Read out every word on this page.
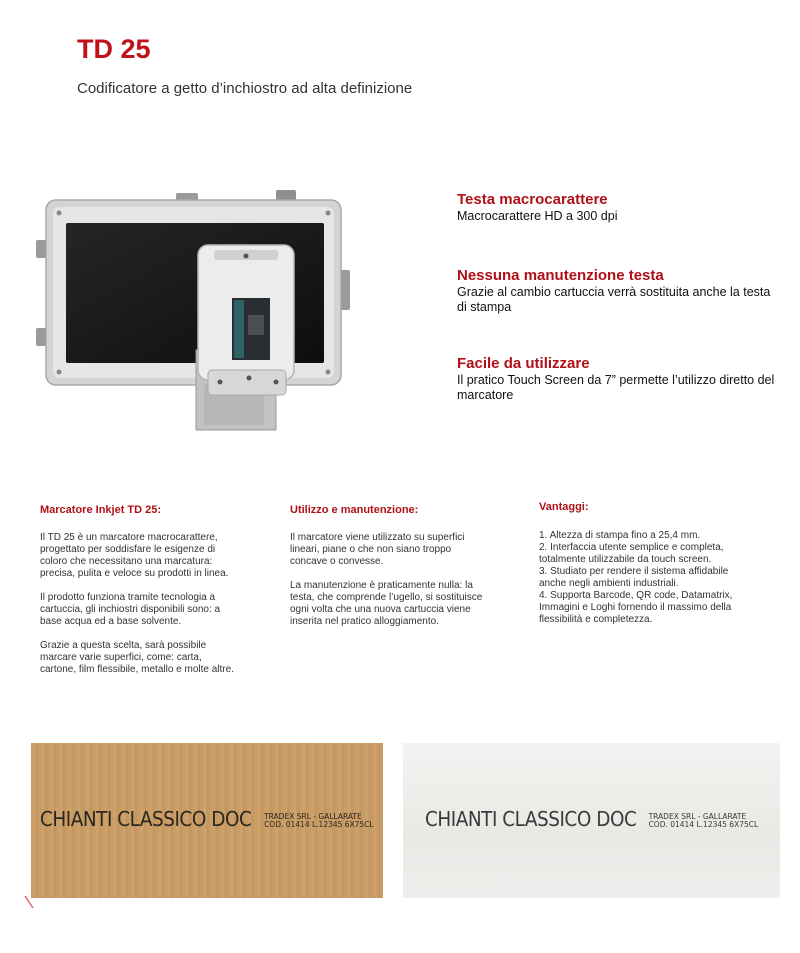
TD 25

Codificatore a getto d’inchiostro ad alta definizione

Testa macrocarattere

Macrocarattere HD a 300 dpi

Nessuna manutenzione testa

Grazie al cambio cartuccia verrà sostituita anche la testa di stampa

Facile da utilizzare

Il pratico Touch Screen da 7” permette l’utilizzo diretto del marcatore

Marcatore Inkjet TD 25:

Il TD 25 è un marcatore macrocarattere, progettato per soddisfare le esigenze di coloro che necessitano una marcatura: precisa, pulita e veloce su prodotti in linea.

Il prodotto funziona tramite tecnologia a cartuccia, gli inchiostri disponibili sono: a base acqua ed a base solvente.

Grazie a questa scelta, sarà possibile marcare varie superfici, come: carta, cartone, film flessibile, metallo e molte altre.

Utilizzo e manutenzione:

Il marcatore viene utilizzato su superfici lineari, piane o che non siano troppo concave o convesse.

La manutenzione è praticamente nulla: la testa, che comprende l’ugello, si sostituisce ogni volta che una nuova cartuccia viene inserita nel pratico alloggiamento.

Vantaggi:
1. Altezza di stampa fino a 25,4 mm.
2. Interfaccia utente semplice e completa, totalmente utilizzabile da touch screen.
3. Studiato per rendere il sistema affidabile anche negli ambienti industriali.
4. Supporta Barcode, QR code, Datamatrix, Immagini e Loghi fornendo il massimo della flessibilità e completezza.
CHIANTI CLASSICO DOC TRADEX SRL - GALLARATE
COD. 01414 L.12345 6X75CL	CHIANTI CLASSICO DOC TRADEX SRL - GALLARATE
COD. 01414 L.12345 6X75CL
